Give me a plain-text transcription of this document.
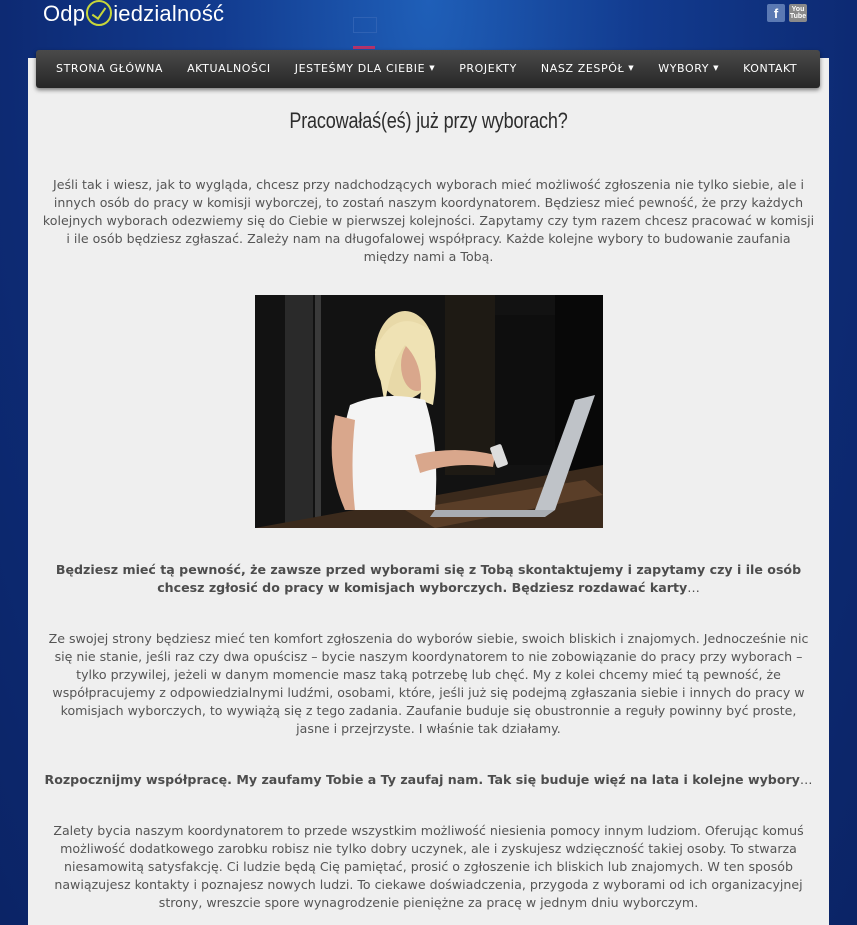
Odp iedzialność	f	You
Tube
STRONA GŁÓWNA AKTUALNOŚCI JESTEŚMY DLA CIEBIE ▼ PROJEKTY NASZ ZESPÓŁ ▼ WYBORY ▼ KONTAKT
Pracowałaś(eś) już przy wyborach?

Jeśli tak i wiesz, jak to wygląda, chcesz przy nadchodzących wyborach mieć możliwość zgłoszenia nie tylko siebie, ale i innych osób do pracy w komisji wyborczej, to zostań naszym koordynatorem. Będziesz mieć pewność, że przy każdych kolejnych wyborach odezwiemy się do Ciebie w pierwszej kolejności. Zapytamy czy tym razem chcesz pracować w komisji i ile osób będziesz zgłaszać. Zależy nam na długofalowej współpracy. Każde kolejne wybory to budowanie zaufania między nami a Tobą.

Będziesz mieć tą pewność, że zawsze przed wyborami się z Tobą skontaktujemy i zapytamy czy i ile osób chcesz zgłosić do pracy w komisjach wyborczych. Będziesz rozdawać karty…

Ze swojej strony będziesz mieć ten komfort zgłoszenia do wyborów siebie, swoich bliskich i znajomych. Jednocześnie nic się nie stanie, jeśli raz czy dwa opuścisz – bycie naszym koordynatorem to nie zobowiązanie do pracy przy wyborach – tylko przywilej, jeżeli w danym momencie masz taką potrzebę lub chęć. My z kolei chcemy mieć tą pewność, że współpracujemy z odpowiedzialnymi ludźmi, osobami, które, jeśli już się podejmą zgłaszania siebie i innych do pracy w komisjach wyborczych, to wywiążą się z tego zadania. Zaufanie buduje się obustronnie a reguły powinny być proste, jasne i przejrzyste. I właśnie tak działamy.

Rozpocznijmy współpracę. My zaufamy Tobie a Ty zaufaj nam. Tak się buduje więź na lata i kolejne wybory…

Zalety bycia naszym koordynatorem to przede wszystkim możliwość niesienia pomocy innym ludziom. Oferując komuś możliwość dodatkowego zarobku robisz nie tylko dobry uczynek, ale i zyskujesz wdzięczność takiej osoby. To stwarza niesamowitą satysfakcję. Ci ludzie będą Cię pamiętać, prosić o zgłoszenie ich bliskich lub znajomych. W ten sposób nawiązujesz kontakty i poznajesz nowych ludzi. To ciekawe doświadczenia, przygoda z wyborami od ich organizacyjnej strony, wreszcie spore wynagrodzenie pieniężne za pracę w jednym dniu wyborczym.
